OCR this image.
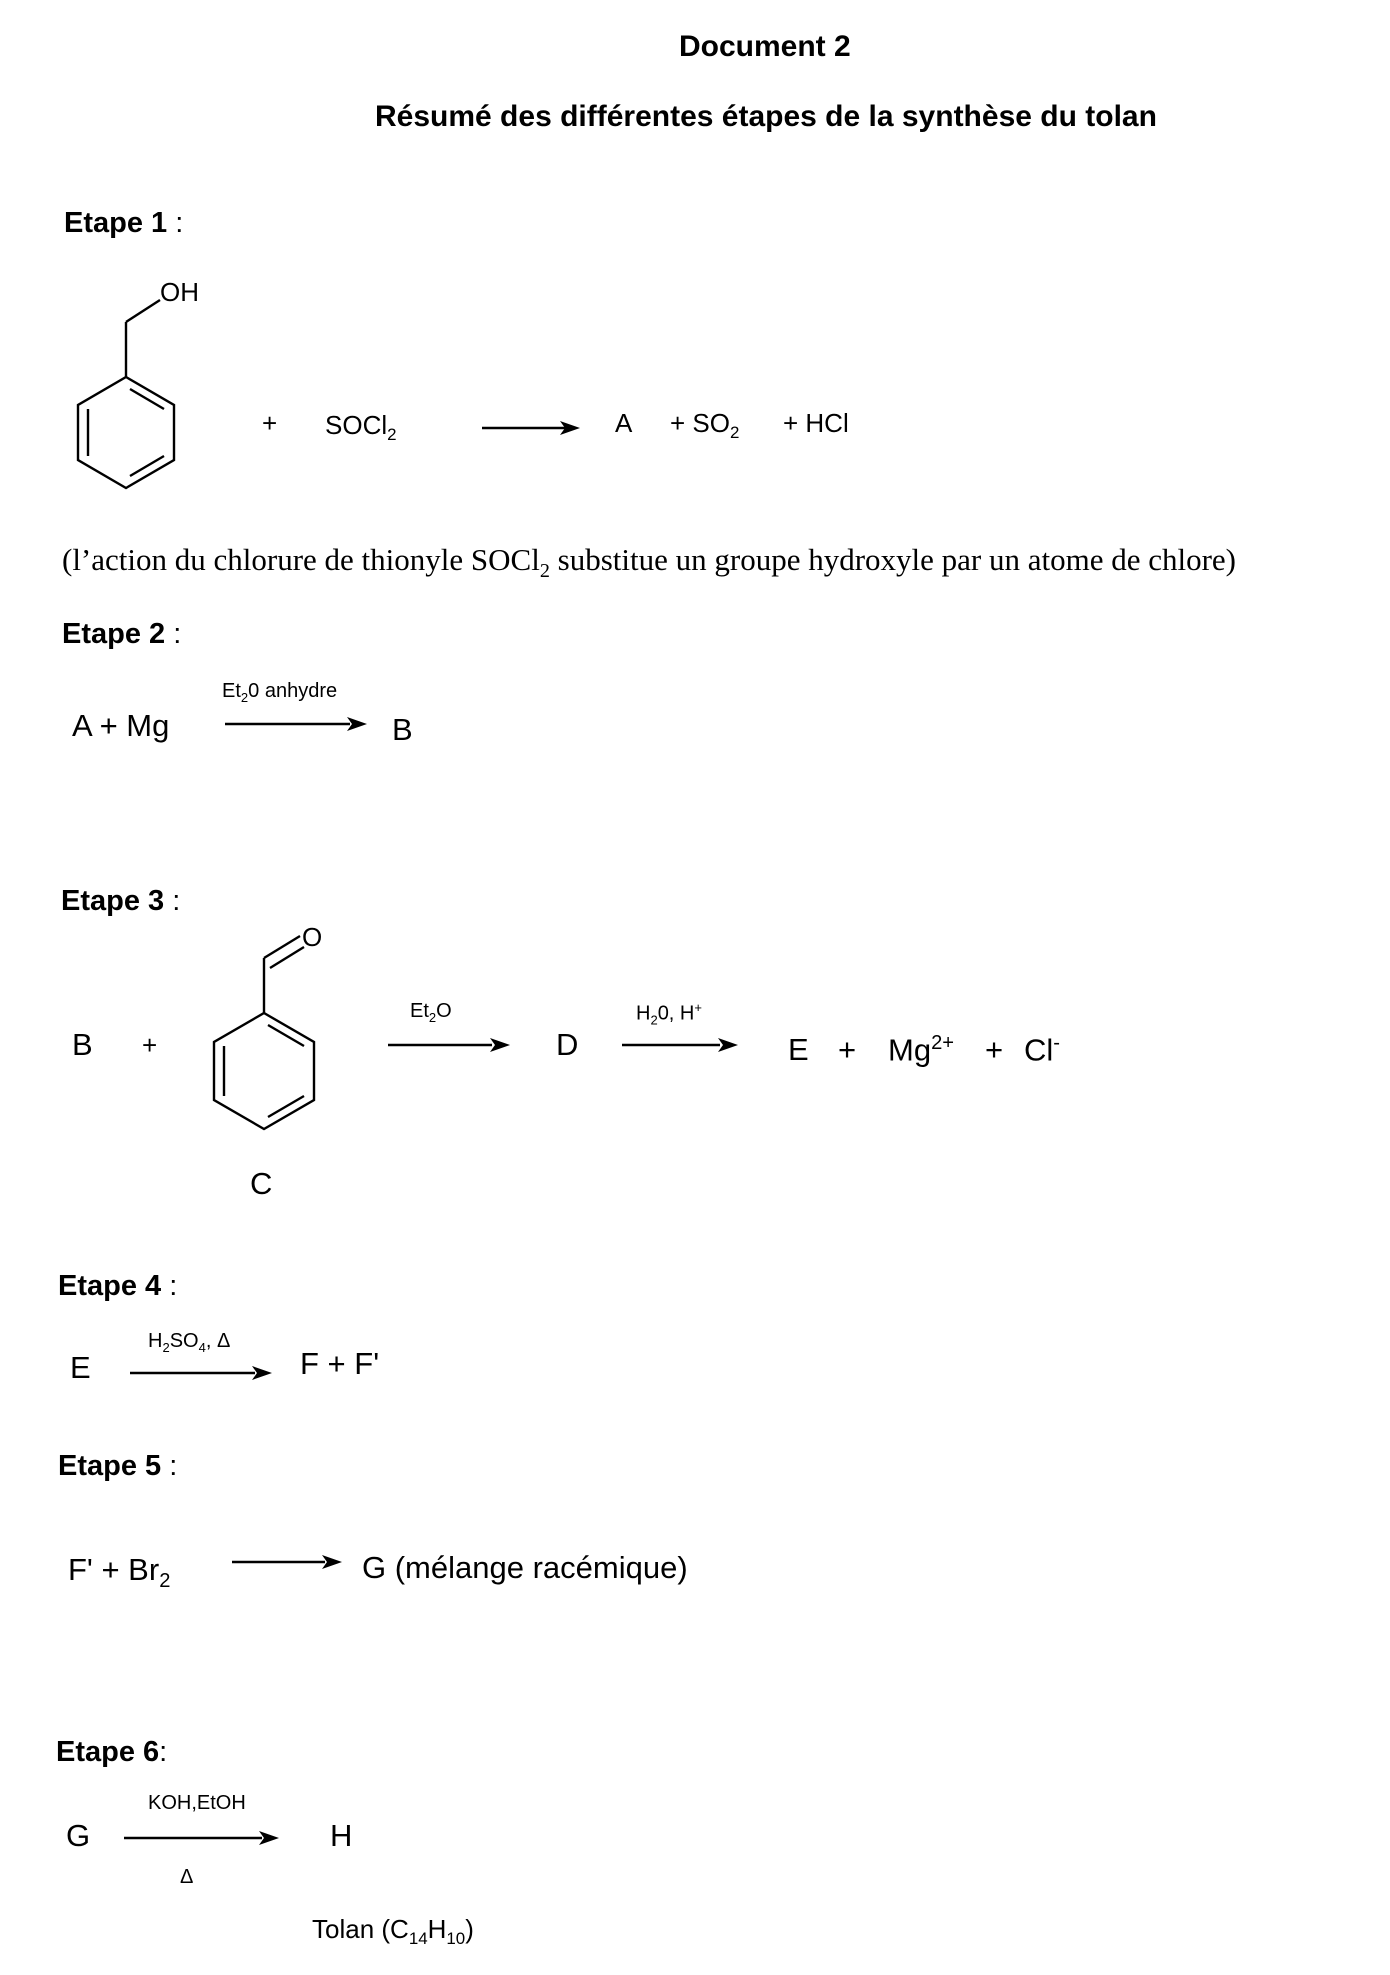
Document 2
Résumé des différentes étapes de la synthèse du tolan
Etape 1 :
OH
+ SOCl$_2$	$A + SO_2$ + HCl
(l’action du chlorure de thionyle SOCl$_2$ substitue un groupe hydroxyle par un atome de chlore)
Etape 2 :
$Et_20$ anhydre
A + Mg	B
Etape 3 :
B +
O
C
$Et_2O$
D
$H_20$, H+
$E + Mg^{2+} + Cl^-$
Etape 4 :
$H_2SO_4$, Δ
E	F + F'
Etape 5 :
$F' + Br_2$	G (mélange racémique)
Etape 6:
KOH,EtOH
G
Δ
H
Tolan $(C_{14}H_{10})$
